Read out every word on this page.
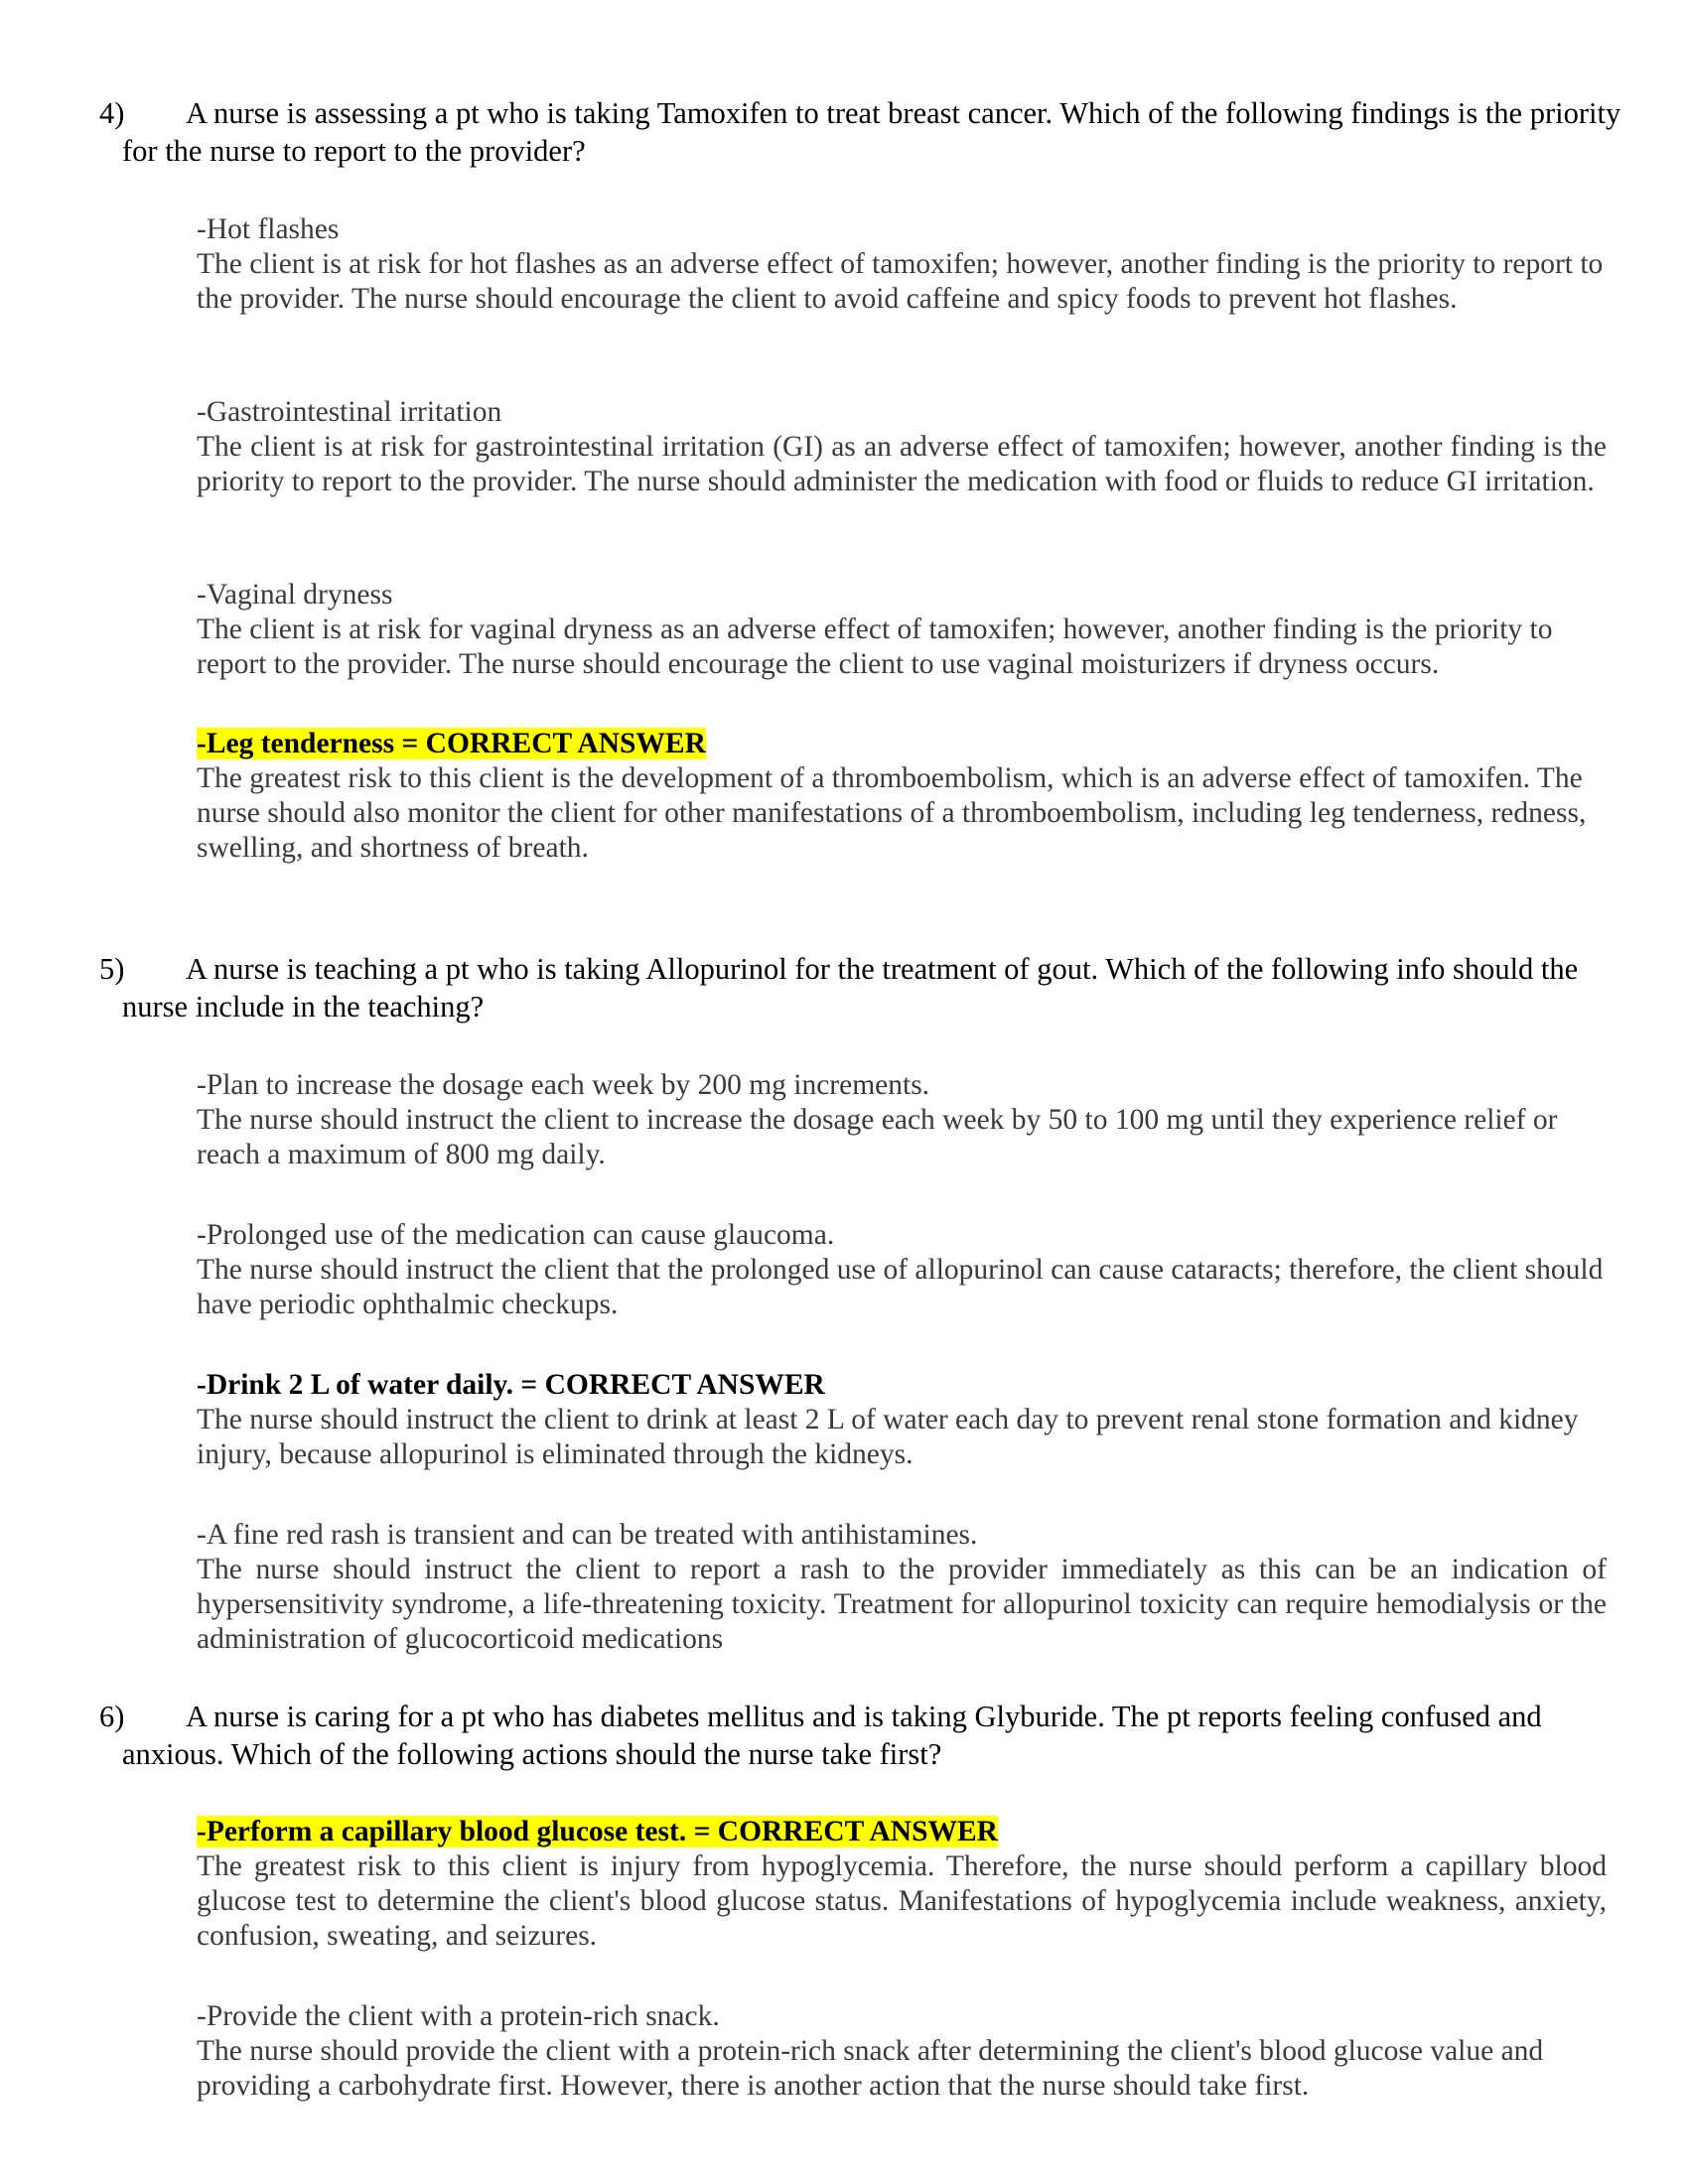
4) A nurse is assessing a pt who is taking Tamoxifen to treat breast cancer. Which of the following findings is the priority for the nurse to report to the provider?
-Hot flashes
The client is at risk for hot flashes as an adverse effect of tamoxifen; however, another finding is the priority to report to the provider. The nurse should encourage the client to avoid caffeine and spicy foods to prevent hot flashes.
-Gastrointestinal irritation
The client is at risk for gastrointestinal irritation (GI) as an adverse effect of tamoxifen; however, another finding is the priority to report to the provider. The nurse should administer the medication with food or fluids to reduce GI irritation.
-Vaginal dryness
The client is at risk for vaginal dryness as an adverse effect of tamoxifen; however, another finding is the priority to report to the provider. The nurse should encourage the client to use vaginal moisturizers if dryness occurs.
-Leg tenderness = CORRECT ANSWER
The greatest risk to this client is the development of a thromboembolism, which is an adverse effect of tamoxifen. The nurse should also monitor the client for other manifestations of a thromboembolism, including leg tenderness, redness, swelling, and shortness of breath.
5) A nurse is teaching a pt who is taking Allopurinol for the treatment of gout. Which of the following info should the nurse include in the teaching?
-Plan to increase the dosage each week by 200 mg increments.
The nurse should instruct the client to increase the dosage each week by 50 to 100 mg until they experience relief or reach a maximum of 800 mg daily.
-Prolonged use of the medication can cause glaucoma.
The nurse should instruct the client that the prolonged use of allopurinol can cause cataracts; therefore, the client should have periodic ophthalmic checkups.
-Drink 2 L of water daily. = CORRECT ANSWER
The nurse should instruct the client to drink at least 2 L of water each day to prevent renal stone formation and kidney injury, because allopurinol is eliminated through the kidneys.
-A fine red rash is transient and can be treated with antihistamines.
The nurse should instruct the client to report a rash to the provider immediately as this can be an indication of hypersensitivity syndrome, a life-threatening toxicity. Treatment for allopurinol toxicity can require hemodialysis or the administration of glucocorticoid medications
6) A nurse is caring for a pt who has diabetes mellitus and is taking Glyburide. The pt reports feeling confused and anxious. Which of the following actions should the nurse take first?
-Perform a capillary blood glucose test. = CORRECT ANSWER
The greatest risk to this client is injury from hypoglycemia. Therefore, the nurse should perform a capillary blood glucose test to determine the client's blood glucose status. Manifestations of hypoglycemia include weakness, anxiety, confusion, sweating, and seizures.
-Provide the client with a protein-rich snack.
The nurse should provide the client with a protein-rich snack after determining the client's blood glucose value and providing a carbohydrate first. However, there is another action that the nurse should take first.
